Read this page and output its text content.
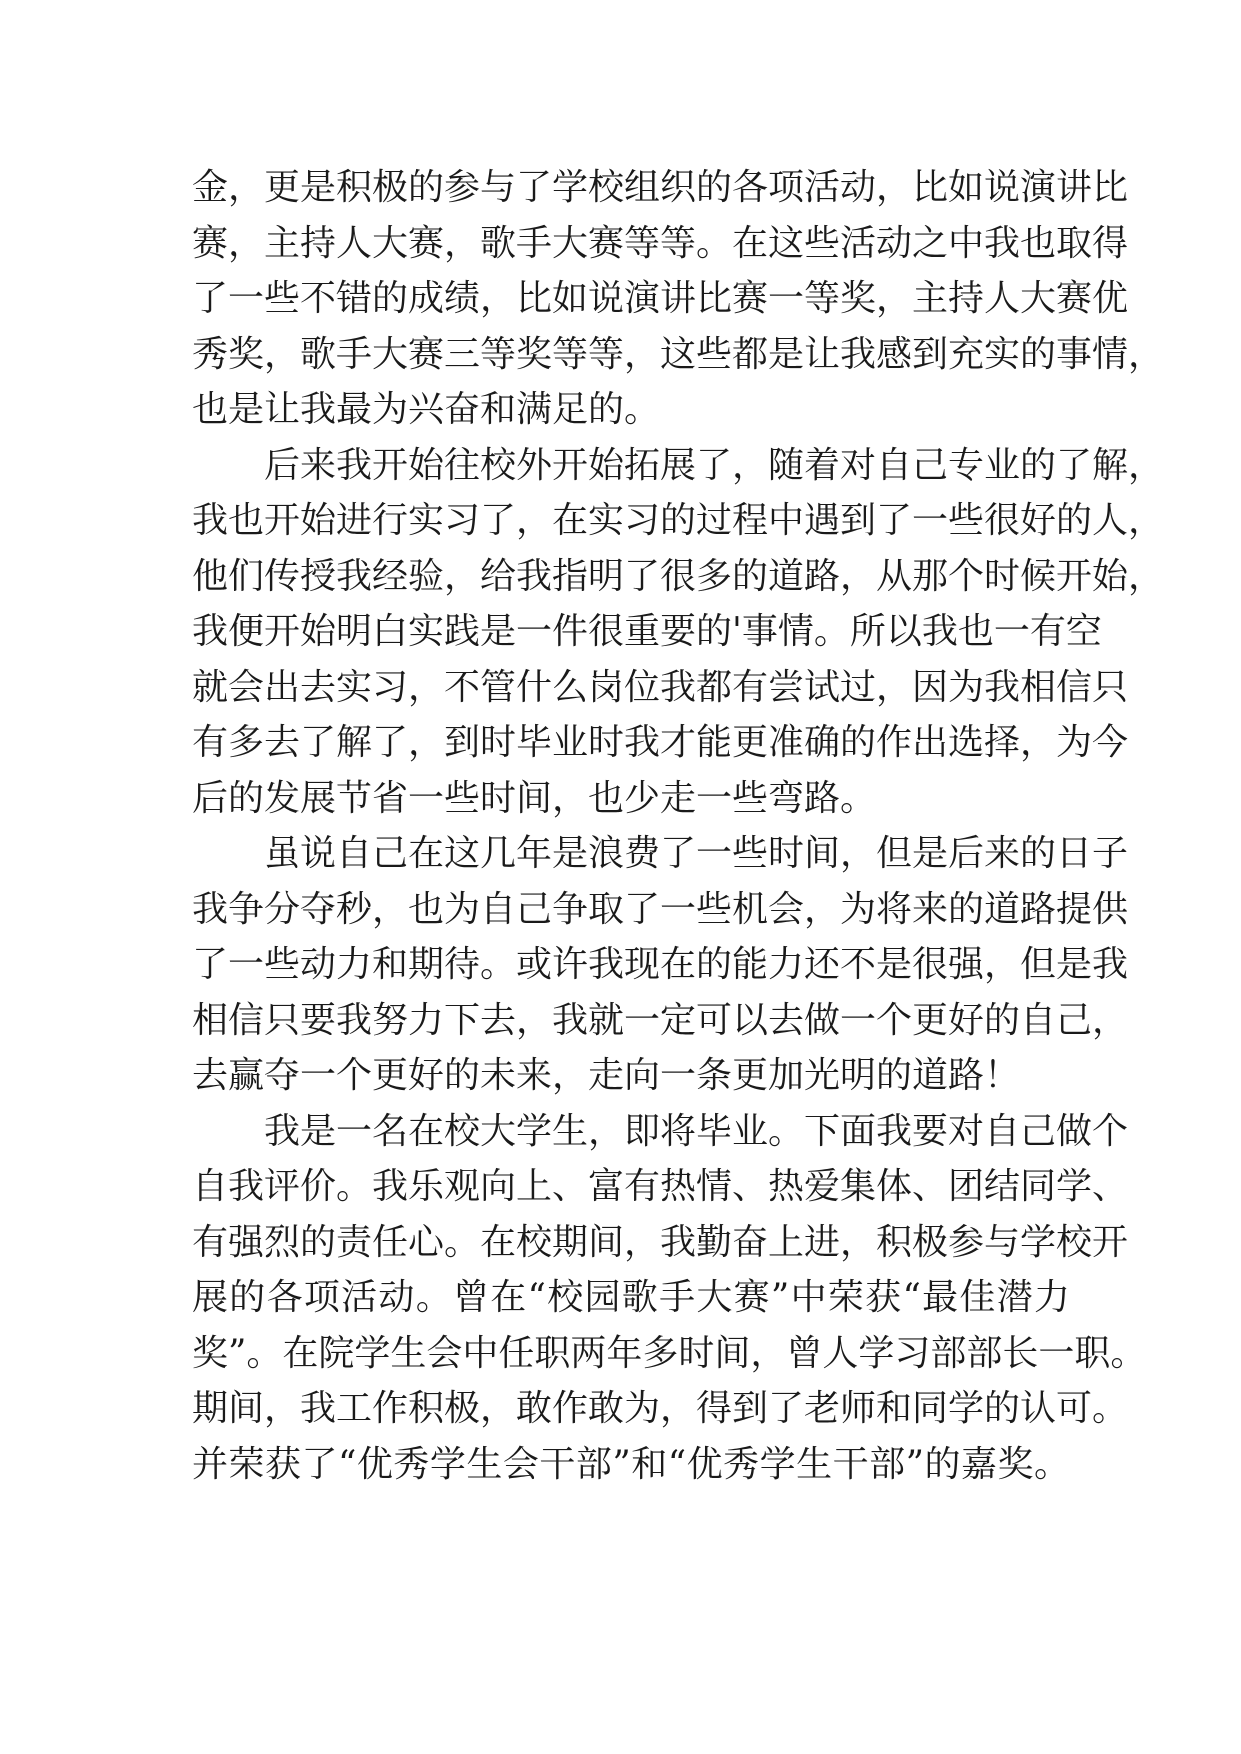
金，更是积极的参与了学校组织的各项活动，比如说演讲比
赛，主持人大赛，歌手大赛等等。在这些活动之中我也取得
了一些不错的成绩，比如说演讲比赛一等奖，主持人大赛优
秀奖，歌手大赛三等奖等等，这些都是让我感到充实的事情，
也是让我最为兴奋和满足的。
后来我开始往校外开始拓展了，随着对自己专业的了解，
我也开始进行实习了，在实习的过程中遇到了一些很好的人，
他们传授我经验，给我指明了很多的道路，从那个时候开始，
我便开始明白实践是一件很重要的'事情。所以我也一有空
就会出去实习，不管什么岗位我都有尝试过，因为我相信只
有多去了解了，到时毕业时我才能更准确的作出选择，为今
后的发展节省一些时间，也少走一些弯路。
虽说自己在这几年是浪费了一些时间，但是后来的日子
我争分夺秒，也为自己争取了一些机会，为将来的道路提供
了一些动力和期待。或许我现在的能力还不是很强，但是我
相信只要我努力下去，我就一定可以去做一个更好的自己，
去赢夺一个更好的未来，走向一条更加光明的道路！
我是一名在校大学生，即将毕业。下面我要对自己做个
自我评价。我乐观向上、富有热情、热爱集体、团结同学、
有强烈的责任心。在校期间，我勤奋上进，积极参与学校开
展的各项活动。曾在“校园歌手大赛”中荣获“最佳潜力
奖”。在院学生会中任职两年多时间，曾人学习部部长一职。
期间，我工作积极，敢作敢为，得到了老师和同学的认可。
并荣获了“优秀学生会干部”和“优秀学生干部”的嘉奖。
